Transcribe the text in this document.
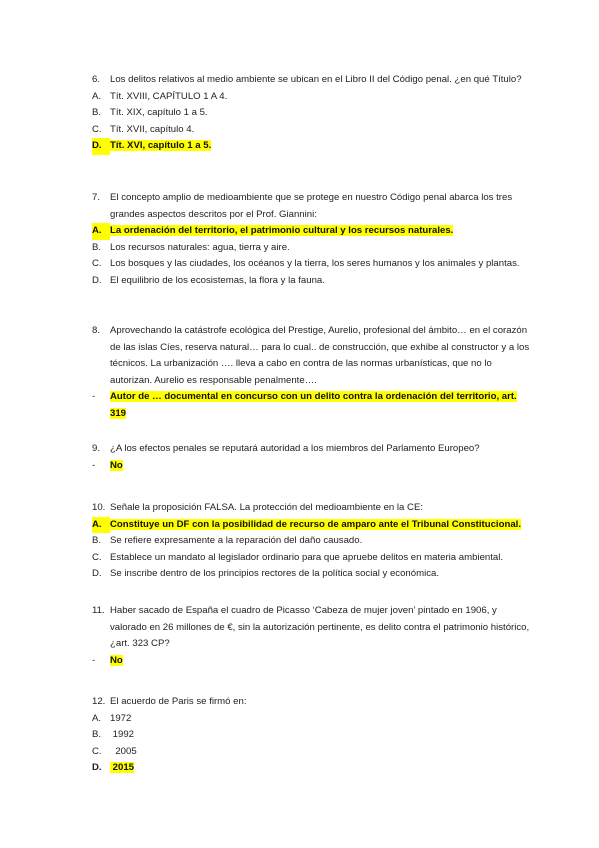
6.	Los delitos relativos al medio ambiente se ubican en el Libro II del Código penal. ¿en qué Título?
A. Tít. XVIII, CAPÍTULO 1 A 4.
B. Tít. XIX, capítulo 1 a 5.
C. Tít. XVII, capítulo 4.
D. Tít. XVI, capítulo 1 a 5.
7.	El concepto amplio de medioambiente que se protege en nuestro Código penal abarca los tres grandes aspectos descritos por el Prof. Giannini:
A. La ordenación del territorio, el patrimonio cultural y los recursos naturales.
B. Los recursos naturales: agua, tierra y aire.
C. Los bosques y las ciudades, los océanos y la tierra, los seres humanos y los animales y plantas.
D. El equilibrio de los ecosistemas, la flora y la fauna.
8.	Aprovechando la catástrofe ecológica del Prestige, Aurelio, profesional del ámbito… en el corazón de las islas Cíes, reserva natural… para lo cual.. de construcción, que exhibe al constructor y a los técnicos. La urbanización …. lleva a cabo en contra de las normas urbanísticas, que no lo autorizan. Aurelio es responsable penalmente….
-	Autor de … documental en concurso con un delito contra la ordenación del territorio, art. 319
9.	¿A los efectos penales se reputará autoridad a los miembros del Parlamento Europeo?
-	No
10. Señale la proposición FALSA. La protección del medioambiente en la CE:
A. Constituye un DF con la posibilidad de recurso de amparo ante el Tribunal Constitucional.
B. Se refiere expresamente a la reparación del daño causado.
C. Establece un mandato al legislador ordinario para que apruebe delitos en materia ambiental.
D. Se inscribe dentro de los principios rectores de la política social y económica.
11. Haber sacado de España el cuadro de Picasso ‘Cabeza de mujer joven’ pintado en 1906, y valorado en 26 millones de €, sin la autorización pertinente, es delito contra el patrimonio histórico, ¿art. 323 CP?
-	No
12. El acuerdo de Paris se firmó en:
A. 1972
B. 1992
C. 2005
D. 2015
